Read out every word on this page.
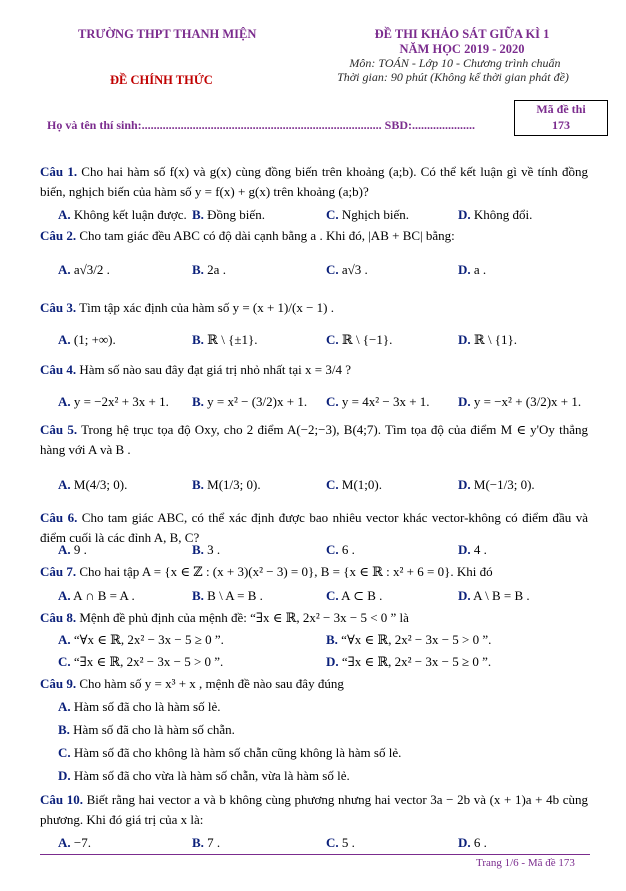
TRƯỜNG THPT THANH MIỆN	ĐỀ THI KHẢO SÁT GIỮA KÌ 1
NĂM HỌC 2019 - 2020
Môn: TOÁN - Lớp 10 - Chương trình chuẩn
Thời gian: 90 phút (Không kể thời gian phát đề)
ĐỀ CHÍNH THỨC
Họ và tên thí sinh:................................................................................ SBD:.....................
Mã đề thi
173
Câu 1. Cho hai hàm số f(x) và g(x) cùng đồng biến trên khoảng (a;b). Có thể kết luận gì về tính đồng biến, nghịch biến của hàm số y = f(x) + g(x) trên khoảng (a;b)?
A. Không kết luận được. B. Đồng biến.	C. Nghịch biến.	D. Không đổi.
Câu 2. Cho tam giác đều ABC có độ dài cạnh bằng a . Khi đó, |AB + BC| bằng:
A. a√3/2 .	B. 2a .	C. a√3 .	D. a .
Câu 3. Tìm tập xác định của hàm số y = (x + 1)/(x − 1) .
A. (1; +∞).	B. ℝ \ {±1}.	C. ℝ \ {−1}.	D. ℝ \ {1}.
Câu 4. Hàm số nào sau đây đạt giá trị nhỏ nhất tại x = 3/4 ?
A. y = −2x² + 3x + 1. B. y = x² − (3/2)x + 1. C. y = 4x² − 3x + 1. D. y = −x² + (3/2)x + 1.
Câu 5. Trong hệ trục tọa độ Oxy, cho 2 điểm A(−2;−3), B(4;7). Tìm tọa độ của điểm M ∈ y'Oy thẳng hàng với A và B .
A. M(4/3; 0).	B. M(1/3; 0).	C. M(1;0).	D. M(−1/3; 0).
Câu 6. Cho tam giác ABC, có thể xác định được bao nhiêu vector khác vector-không có điểm đầu và điểm cuối là các đỉnh A, B, C?
A. 9 .	B. 3 .	C. 6 .	D. 4 .
Câu 7. Cho hai tập A = {x ∈ ℤ : (x + 3)(x² − 3) = 0}, B = {x ∈ ℝ : x² + 6 = 0}. Khi đó
A. A ∩ B = A .	B. B \ A = B .	C. A ⊂ B .	D. A \ B = B .
Câu 8. Mệnh đề phủ định của mệnh đề: “∃x ∈ ℝ, 2x² − 3x − 5 < 0 ” là
A. “∀x ∈ ℝ, 2x² − 3x − 5 ≥ 0 ”.	B. “∀x ∈ ℝ, 2x² − 3x − 5 > 0 ”.
C. “∃x ∈ ℝ, 2x² − 3x − 5 > 0 ”.	D. “∃x ∈ ℝ, 2x² − 3x − 5 ≥ 0 ”.
Câu 9. Cho hàm số y = x³ + x , mệnh đề nào sau đây đúng
A. Hàm số đã cho là hàm số lẻ.
B. Hàm số đã cho là hàm số chẵn.
C. Hàm số đã cho không là hàm số chẵn cũng không là hàm số lẻ.
D. Hàm số đã cho vừa là hàm số chẵn, vừa là hàm số lẻ.
Câu 10. Biết rằng hai vector a và b không cùng phương nhưng hai vector 3a − 2b và (x + 1)a + 4b cùng phương. Khi đó giá trị của x là:
A. −7.	B. 7 .	C. 5 .	D. 6 .
Trang 1/6 - Mã đề 173
